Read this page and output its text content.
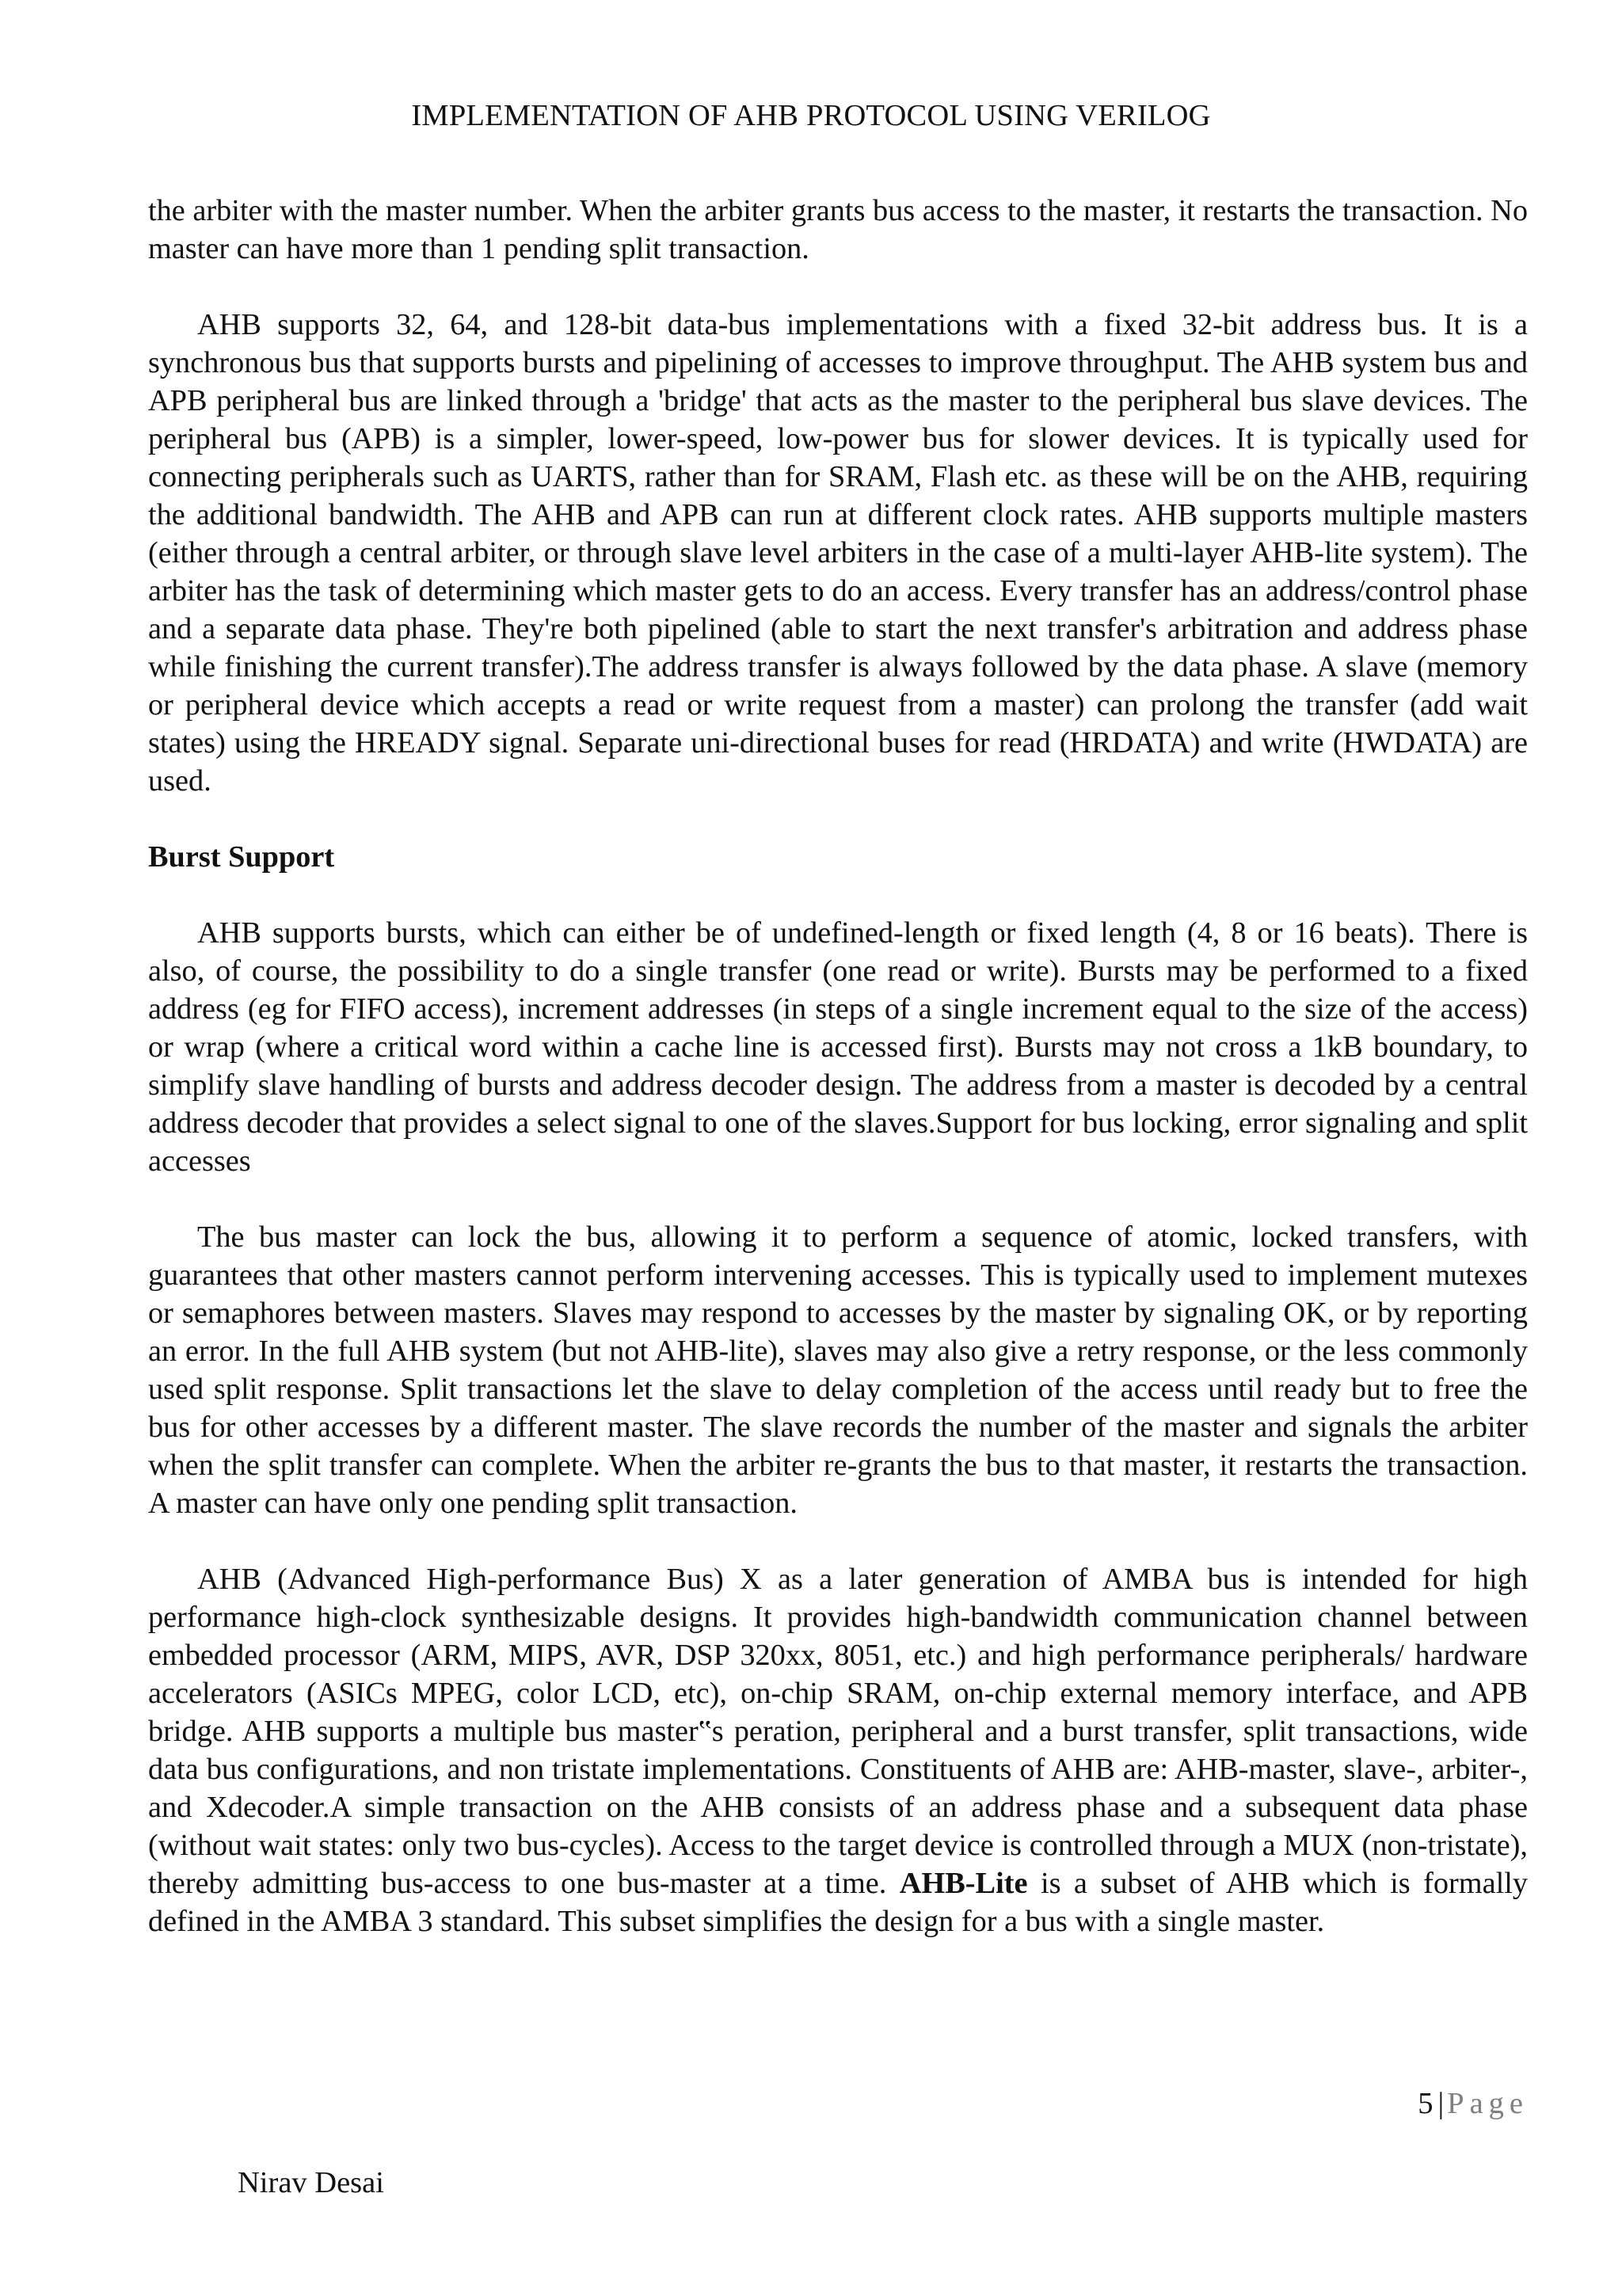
IMPLEMENTATION OF AHB PROTOCOL USING VERILOG

the arbiter with the master number. When the arbiter grants bus access to the master, it restarts the transaction. No master can have more than 1 pending split transaction.

AHB supports 32, 64, and 128-bit data-bus implementations with a fixed 32-bit address bus. It is a synchronous bus that supports bursts and pipelining of accesses to improve throughput. The AHB system bus and APB peripheral bus are linked through a 'bridge' that acts as the master to the peripheral bus slave devices. The peripheral bus (APB) is a simpler, lower-speed, low-power bus for slower devices. It is typically used for connecting peripherals such as UARTS, rather than for SRAM, Flash etc. as these will be on the AHB, requiring the additional bandwidth. The AHB and APB can run at different clock rates. AHB supports multiple masters (either through a central arbiter, or through slave level arbiters in the case of a multi-layer AHB-lite system). The arbiter has the task of determining which master gets to do an access. Every transfer has an address/control phase and a separate data phase. They're both pipelined (able to start the next transfer's arbitration and address phase while finishing the current transfer).The address transfer is always followed by the data phase. A slave (memory or peripheral device which accepts a read or write request from a master) can prolong the transfer (add wait states) using the HREADY signal. Separate uni-directional buses for read (HRDATA) and write (HWDATA) are used.

Burst Support

AHB supports bursts, which can either be of undefined-length or fixed length (4, 8 or 16 beats). There is also, of course, the possibility to do a single transfer (one read or write). Bursts may be performed to a fixed address (eg for FIFO access), increment addresses (in steps of a single increment equal to the size of the access) or wrap (where a critical word within a cache line is accessed first). Bursts may not cross a 1kB boundary, to simplify slave handling of bursts and address decoder design. The address from a master is decoded by a central address decoder that provides a select signal to one of the slaves.Support for bus locking, error signaling and split accesses

The bus master can lock the bus, allowing it to perform a sequence of atomic, locked transfers, with guarantees that other masters cannot perform intervening accesses. This is typically used to implement mutexes or semaphores between masters. Slaves may respond to accesses by the master by signaling OK, or by reporting an error. In the full AHB system (but not AHB-lite), slaves may also give a retry response, or the less commonly used split response. Split transactions let the slave to delay completion of the access until ready but to free the bus for other accesses by a different master. The slave records the number of the master and signals the arbiter when the split transfer can complete. When the arbiter re-grants the bus to that master, it restarts the transaction. A master can have only one pending split transaction.

AHB (Advanced High-performance Bus) X as a later generation of AMBA bus is intended for high performance high-clock synthesizable designs. It provides high-bandwidth communication channel between embedded processor (ARM, MIPS, AVR, DSP 320xx, 8051, etc.) and high performance peripherals/ hardware accelerators (ASICs MPEG, color LCD, etc), on-chip SRAM, on-chip external memory interface, and APB bridge. AHB supports a multiple bus master‟s peration, peripheral and a burst transfer, split transactions, wide data bus configurations, and non tristate implementations. Constituents of AHB are: AHB-master, slave-, arbiter-, and Xdecoder.A simple transaction on the AHB consists of an address phase and a subsequent data phase (without wait states: only two bus-cycles). Access to the target device is controlled through a MUX (non-tristate), thereby admitting bus-access to one bus-master at a time. AHB-Lite is a subset of AHB which is formally defined in the AMBA 3 standard. This subset simplifies the design for a bus with a single master.

5 | Page
Nirav Desai
